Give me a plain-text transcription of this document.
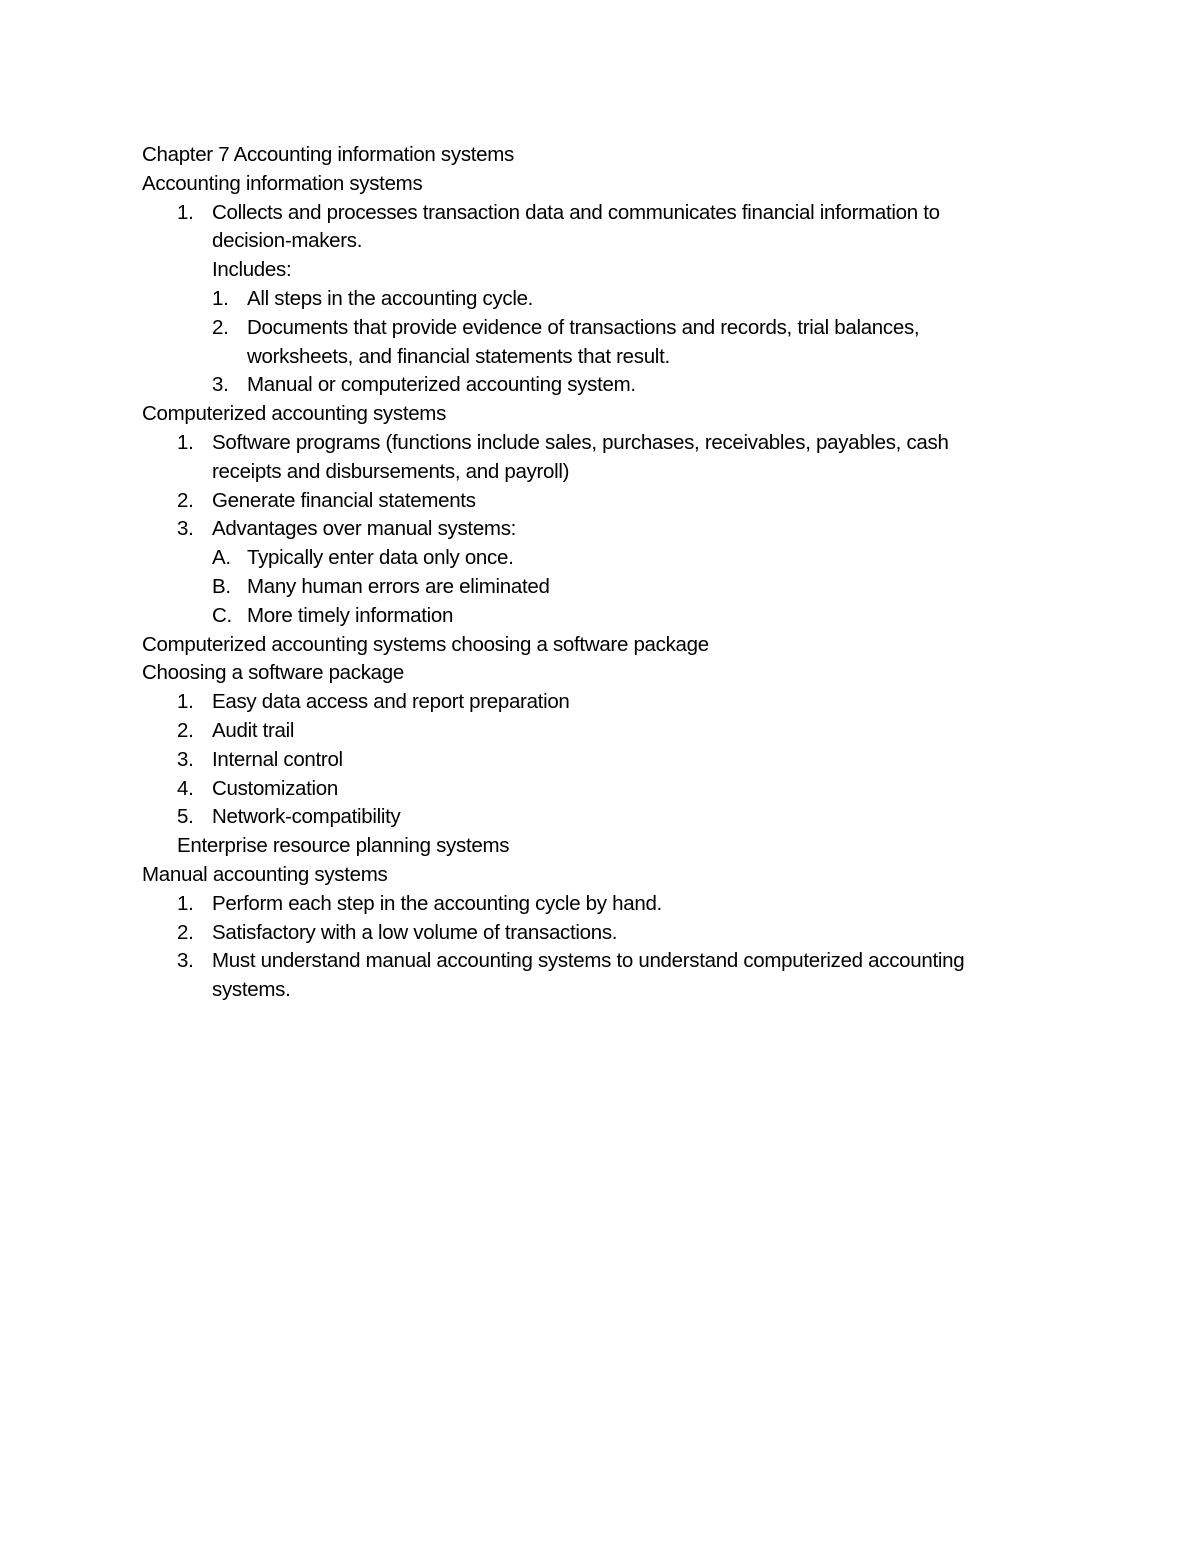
Chapter 7 Accounting information systems
Accounting information systems
1. Collects and processes transaction data and communicates financial information to
decision-makers.
Includes:
1. All steps in the accounting cycle.
2. Documents that provide evidence of transactions and records, trial balances,
worksheets, and financial statements that result.
3. Manual or computerized accounting system.
Computerized accounting systems
1. Software programs (functions include sales, purchases, receivables, payables, cash
receipts and disbursements, and payroll)
2. Generate financial statements
3. Advantages over manual systems:
A. Typically enter data only once.
B. Many human errors are eliminated
C. More timely information
Computerized accounting systems choosing a software package
Choosing a software package
1. Easy data access and report preparation
2. Audit trail
3. Internal control
4. Customization
5. Network-compatibility
Enterprise resource planning systems
Manual accounting systems
1. Perform each step in the accounting cycle by hand.
2. Satisfactory with a low volume of transactions.
3. Must understand manual accounting systems to understand computerized accounting
systems.
